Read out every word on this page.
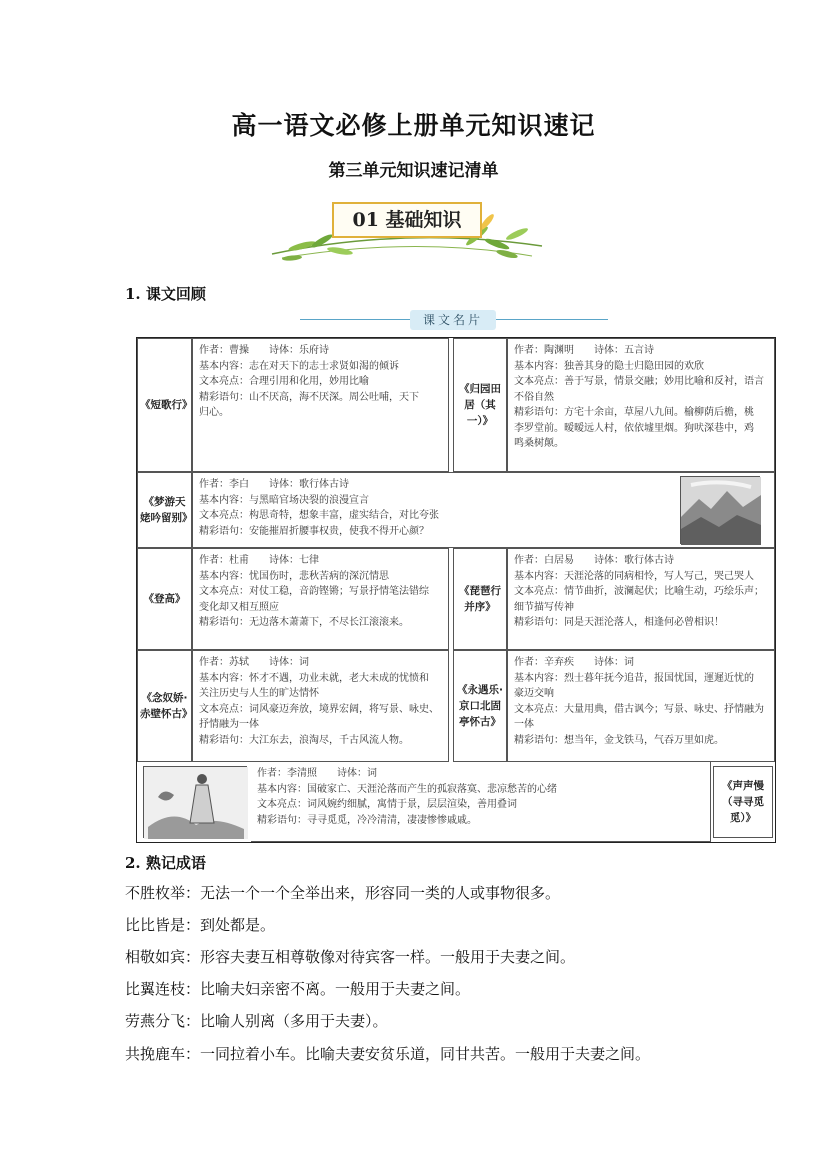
高一语文必修上册单元知识速记
第三单元知识速记清单
01 基础知识
1. 课文回顾
课文名片
《短歌行》
作者：曹操　　诗体：乐府诗
基本内容：志在对天下的志士求贤如渴的倾诉
文本亮点：合理引用和化用，妙用比喻
精彩语句：山不厌高，海不厌深。周公吐哺，天下
归心。
《归园田居（其一）》
作者：陶渊明　　诗体：五言诗
基本内容：独善其身的隐士归隐田园的欢欣
文本亮点：善于写景，情景交融；妙用比喻和反衬，语言
不俗自然
精彩语句：方宅十余亩，草屋八九间。榆柳荫后檐，桃
李罗堂前。暧暧远人村，依依墟里烟。狗吠深巷中，鸡
鸣桑树颠。
《梦游天姥吟留别》
作者：李白　　诗体：歌行体古诗
基本内容：与黑暗官场决裂的浪漫宣言
文本亮点：构思奇特，想象丰富，虚实结合，对比夸张
精彩语句：安能摧眉折腰事权贵，使我不得开心颜？
《登高》
作者：杜甫　　诗体：七律
基本内容：忧国伤时，悲秋苦病的深沉情思
文本亮点：对仗工稳，音韵铿锵；写景抒情笔法错综
变化却又相互照应
精彩语句：无边落木萧萧下，不尽长江滚滚来。
《琵琶行并序》
作者：白居易　　诗体：歌行体古诗
基本内容：天涯沦落的同病相怜，写人写己，哭己哭人
文本亮点：情节曲折，波澜起伏；比喻生动，巧绘乐声；
细节描写传神
精彩语句：同是天涯沦落人，相逢何必曾相识！
《念奴娇·赤壁怀古》
作者：苏轼　　诗体：词
基本内容：怀才不遇，功业未就，老大未成的忧愤和
关注历史与人生的旷达情怀
文本亮点：词风豪迈奔放，境界宏阔，将写景、咏史、
抒情融为一体
精彩语句：大江东去，浪淘尽，千古风流人物。
《永遇乐·京口北固亭怀古》
作者：辛弃疾　　诗体：词
基本内容：烈士暮年抚今追昔，报国忧国，運遲近忧的
豪迈交响
文本亮点：大量用典，借古讽今；写景、咏史、抒情融为
一体
精彩语句：想当年，金戈铁马，气吞万里如虎。
作者：李清照　　诗体：词
基本内容：国破家亡、天涯沦落而产生的孤寂落寞、悲凉愁苦的心绪
文本亮点：词风婉约细腻，寓情于景，层层渲染，善用叠词
精彩语句：寻寻觅觅，冷冷清清，凄凄惨惨戚戚。
《声声慢（寻寻觅觅）》
2. 熟记成语
不胜枚举：无法一个一个全举出来，形容同一类的人或事物很多。
比比皆是：到处都是。
相敬如宾：形容夫妻互相尊敬像对待宾客一样。一般用于夫妻之间。
比翼连枝：比喻夫妇亲密不离。一般用于夫妻之间。
劳燕分飞：比喻人别离（多用于夫妻）。
共挽鹿车：一同拉着小车。比喻夫妻安贫乐道，同甘共苦。一般用于夫妻之间。
